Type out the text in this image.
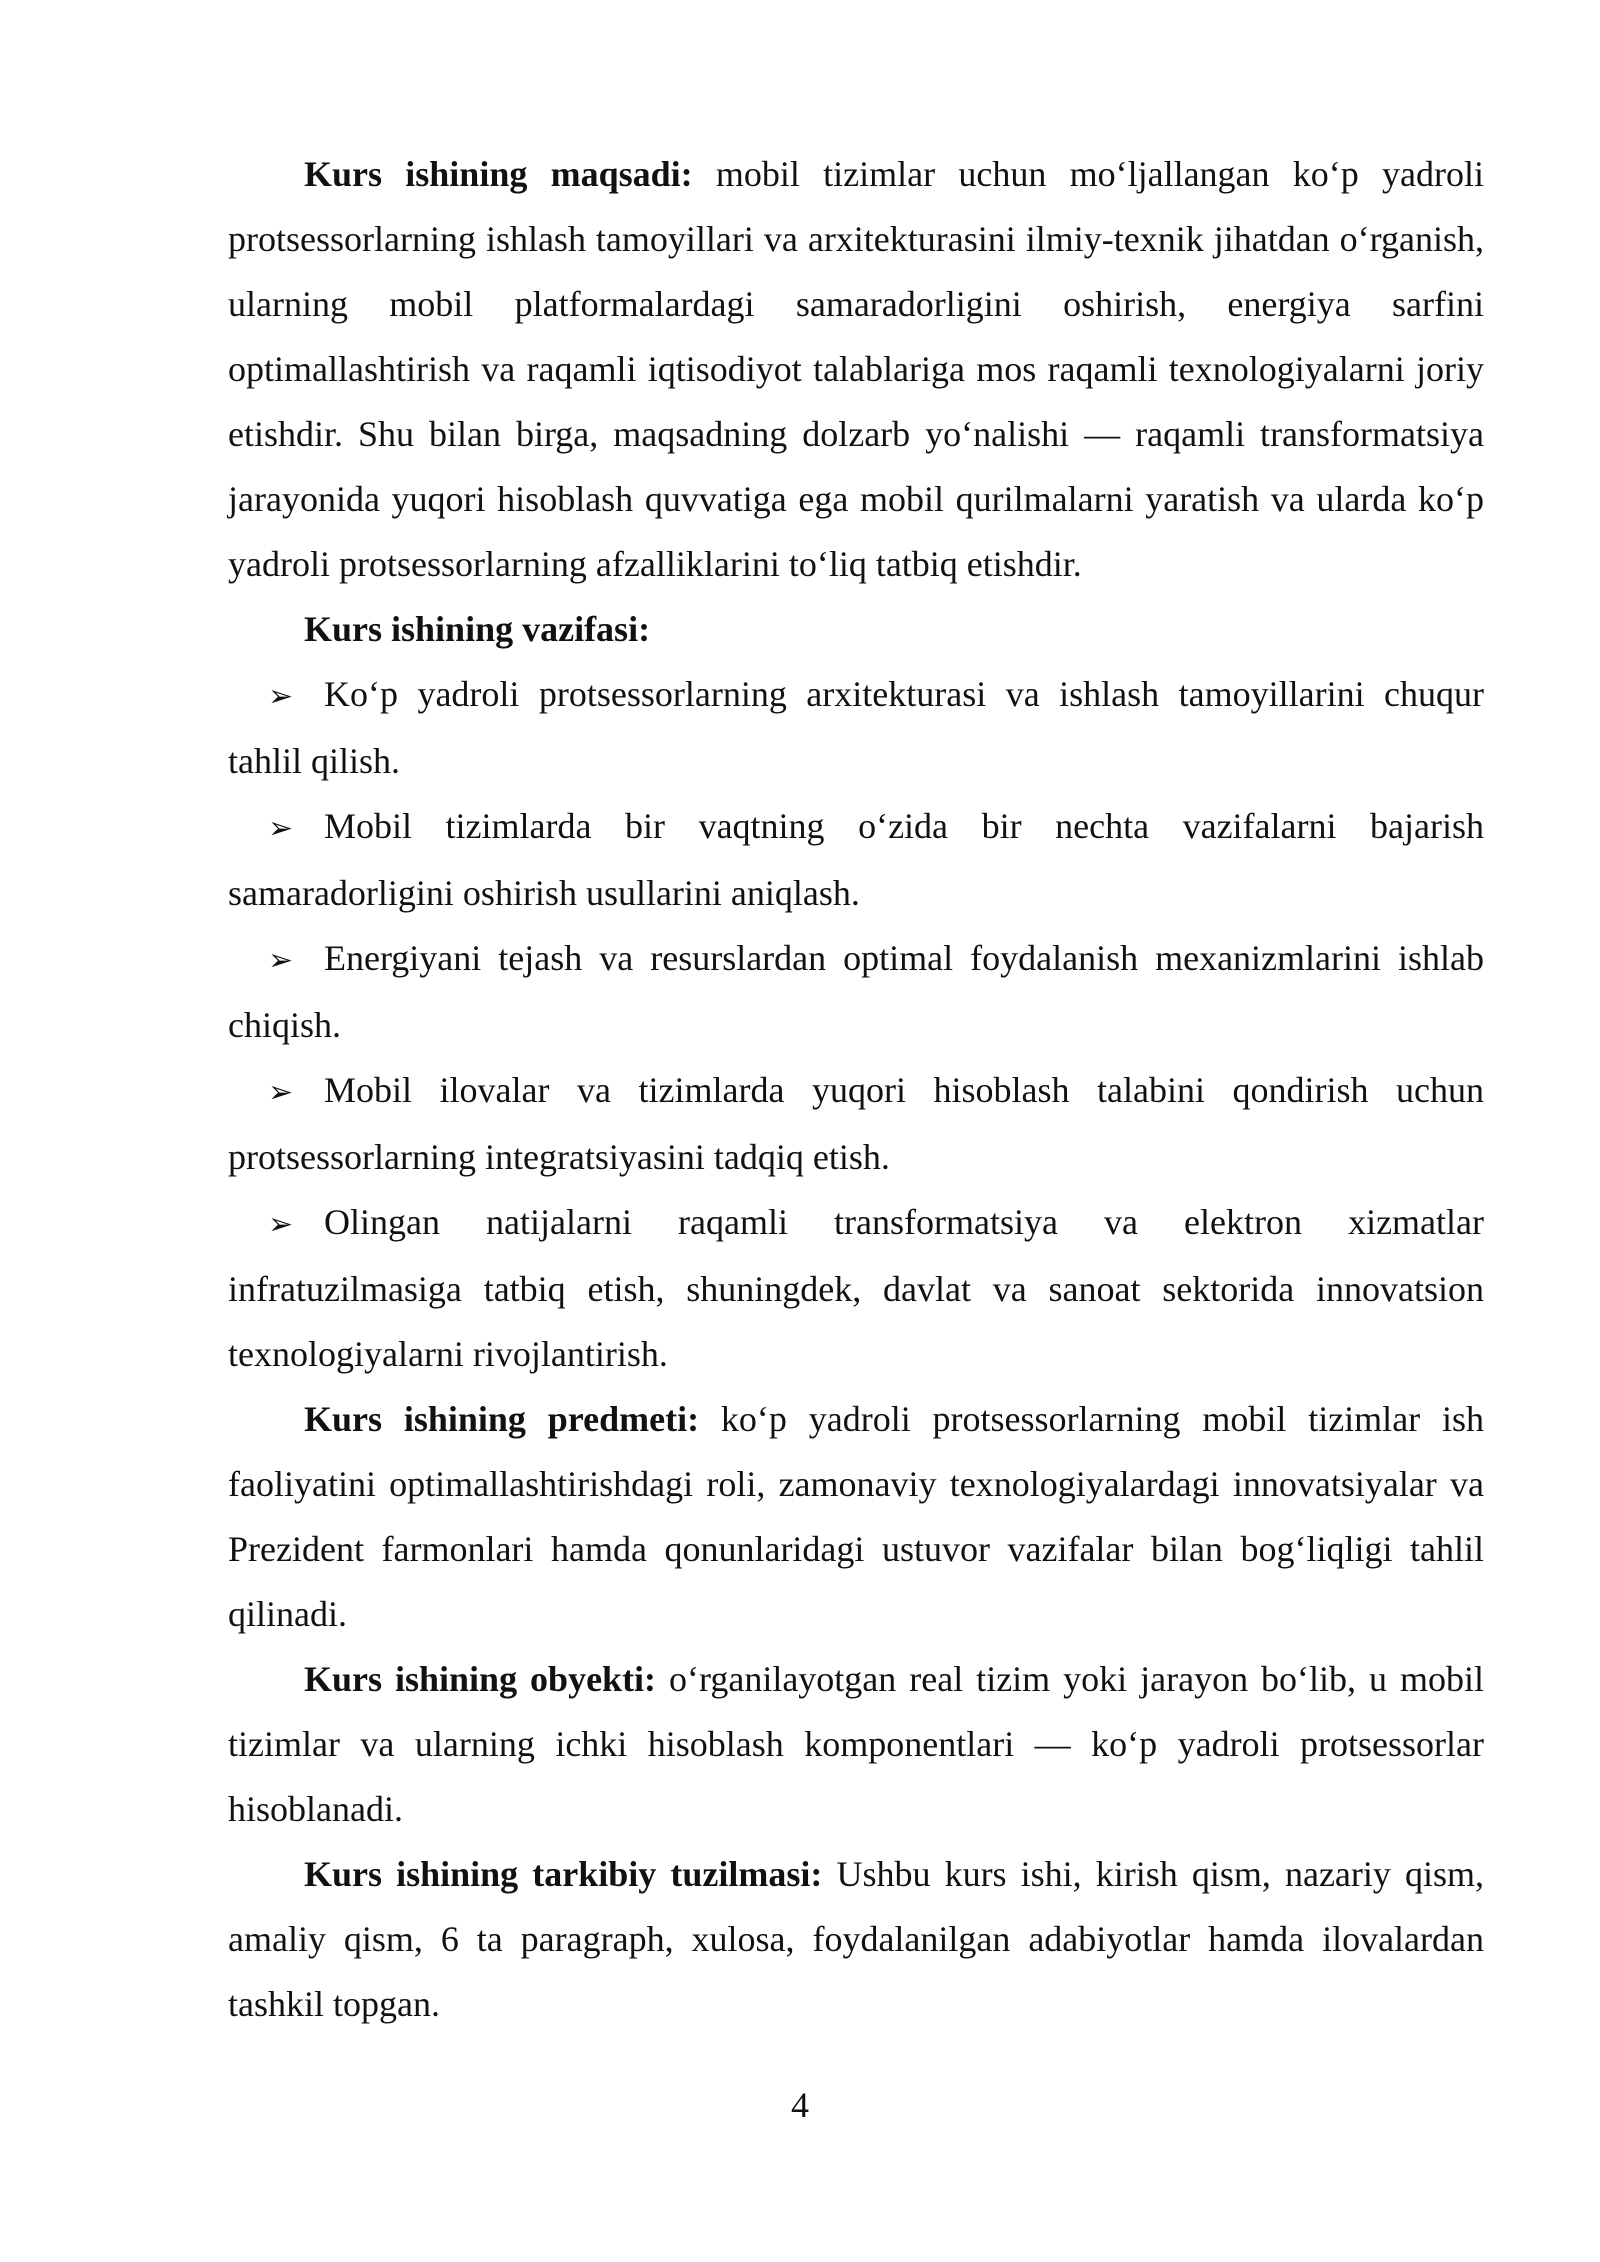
Kurs ishining maqsadi: mobil tizimlar uchun mo‘ljallangan ko‘p yadroli protsessorlarning ishlash tamoyillari va arxitekturasini ilmiy-texnik jihatdan o‘rganish, ularning mobil platformalardagi samaradorligini oshirish, energiya sarfini optimallashtirish va raqamli iqtisodiyot talablariga mos raqamli texnologiyalarni joriy etishdir. Shu bilan birga, maqsadning dolzarb yo‘nalishi — raqamli transformatsiya jarayonida yuqori hisoblash quvvatiga ega mobil qurilmalarni yaratish va ularda ko‘p yadroli protsessorlarning afzalliklarini to‘liq tatbiq etishdir.

Kurs ishining vazifasi:

➢ Ko‘p yadroli protsessorlarning arxitekturasi va ishlash tamoyillarini chuqur tahlil qilish.

➢ Mobil tizimlarda bir vaqtning o‘zida bir nechta vazifalarni bajarish samaradorligini oshirish usullarini aniqlash.

➢ Energiyani tejash va resurslardan optimal foydalanish mexanizmlarini ishlab chiqish.

➢ Mobil ilovalar va tizimlarda yuqori hisoblash talabini qondirish uchun protsessorlarning integratsiyasini tadqiq etish.

➢ Olingan natijalarni raqamli transformatsiya va elektron xizmatlar infratuzilmasiga tatbiq etish, shuningdek, davlat va sanoat sektorida innovatsion texnologiyalarni rivojlantirish.

Kurs ishining predmeti: ko‘p yadroli protsessorlarning mobil tizimlar ish faoliyatini optimallashtirishdagi roli, zamonaviy texnologiyalardagi innovatsiyalar va Prezident farmonlari hamda qonunlaridagi ustuvor vazifalar bilan bog‘liqligi tahlil qilinadi.

Kurs ishining obyekti: o‘rganilayotgan real tizim yoki jarayon bo‘lib, u mobil tizimlar va ularning ichki hisoblash komponentlari — ko‘p yadroli protsessorlar hisoblanadi.

Kurs ishining tarkibiy tuzilmasi: Ushbu kurs ishi, kirish qism, nazariy qism, amaliy qism, 6 ta paragraph, xulosa, foydalanilgan adabiyotlar hamda ilovalardan tashkil topgan.

4
